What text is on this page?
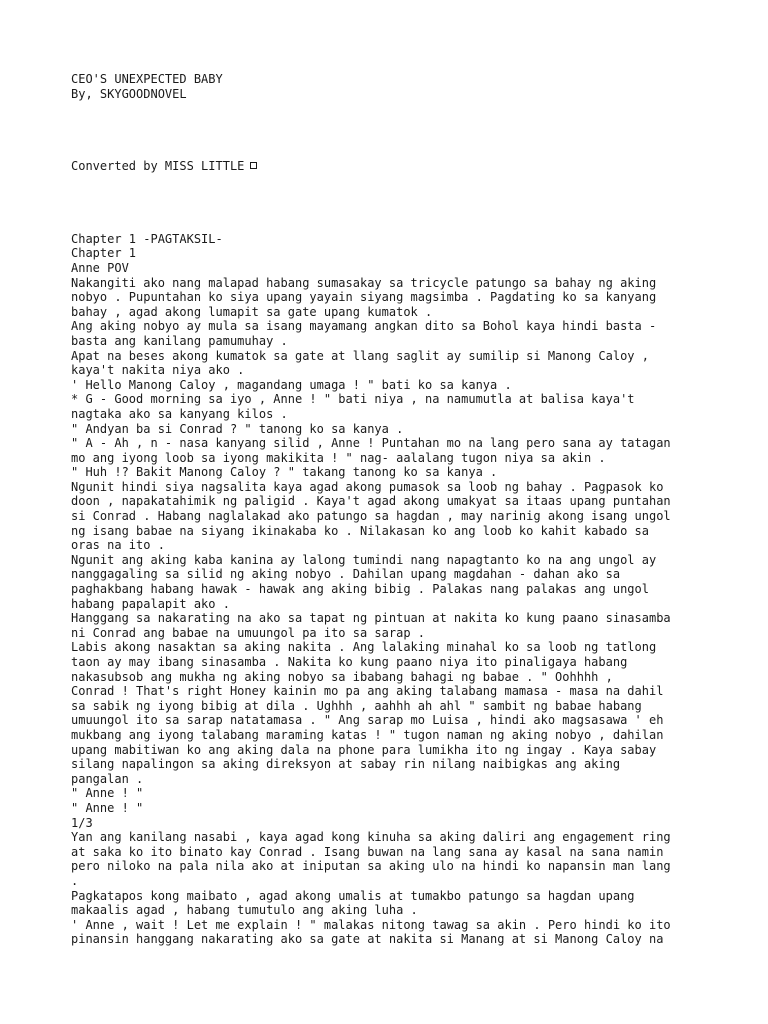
CEO'S UNEXPECTED BABY
By, SKYGOODNOVEL
Converted by MISS LITTLE
Chapter 1 -PAGTAKSIL-
Chapter 1
Anne POV
Nakangiti ako nang malapad habang sumasakay sa tricycle patungo sa bahay ng aking
nobyo . Pupuntahan ko siya upang yayain siyang magsimba . Pagdating ko sa kanyang
bahay , agad akong lumapit sa gate upang kumatok .
Ang aking nobyo ay mula sa isang mayamang angkan dito sa Bohol kaya hindi basta -
basta ang kanilang pamumuhay .
Apat na beses akong kumatok sa gate at llang saglit ay sumilip si Manong Caloy ,
kaya't nakita niya ako .
' Hello Manong Caloy , magandang umaga ! " bati ko sa kanya .
* G - Good morning sa iyo , Anne ! " bati niya , na namumutla at balisa kaya't
nagtaka ako sa kanyang kilos .
" Andyan ba si Conrad ? " tanong ko sa kanya .
" A - Ah , n - nasa kanyang silid , Anne ! Puntahan mo na lang pero sana ay tatagan
mo ang iyong loob sa iyong makikita ! " nag- aalalang tugon niya sa akin .
" Huh !? Bakit Manong Caloy ? " takang tanong ko sa kanya .
Ngunit hindi siya nagsalita kaya agad akong pumasok sa loob ng bahay . Pagpasok ko
doon , napakatahimik ng paligid . Kaya't agad akong umakyat sa itaas upang puntahan
si Conrad . Habang naglalakad ako patungo sa hagdan , may narinig akong isang ungol
ng isang babae na siyang ikinakaba ko . Nilakasan ko ang loob ko kahit kabado sa
oras na ito .
Ngunit ang aking kaba kanina ay lalong tumindi nang napagtanto ko na ang ungol ay
nanggagaling sa silid ng aking nobyo . Dahilan upang magdahan - dahan ako sa
paghakbang habang hawak - hawak ang aking bibig . Palakas nang palakas ang ungol
habang papalapit ako .
Hanggang sa nakarating na ako sa tapat ng pintuan at nakita ko kung paano sinasamba
ni Conrad ang babae na umuungol pa ito sa sarap .
Labis akong nasaktan sa aking nakita . Ang lalaking minahal ko sa loob ng tatlong
taon ay may ibang sinasamba . Nakita ko kung paano niya ito pinaligaya habang
nakasubsob ang mukha ng aking nobyo sa ibabang bahagi ng babae . " Oohhhh ,
Conrad ! That's right Honey kainin mo pa ang aking talabang mamasa - masa na dahil
sa sabik ng iyong bibig at dila . Ughhh , aahhh ah ahl " sambit ng babae habang
umuungol ito sa sarap natatamasa . " Ang sarap mo Luisa , hindi ako magsasawa ' eh
mukbang ang iyong talabang maraming katas ! " tugon naman ng aking nobyo , dahilan
upang mabitiwan ko ang aking dala na phone para lumikha ito ng ingay . Kaya sabay
silang napalingon sa aking direksyon at sabay rin nilang naibigkas ang aking
pangalan .
" Anne ! "
" Anne ! "
1/3
Yan ang kanilang nasabi , kaya agad kong kinuha sa aking daliri ang engagement ring
at saka ko ito binato kay Conrad . Isang buwan na lang sana ay kasal na sana namin
pero niloko na pala nila ako at iniputan sa aking ulo na hindi ko napansin man lang
.
Pagkatapos kong maibato , agad akong umalis at tumakbo patungo sa hagdan upang
makaalis agad , habang tumutulo ang aking luha .
' Anne , wait ! Let me explain ! " malakas nitong tawag sa akin . Pero hindi ko ito
pinansin hanggang nakarating ako sa gate at nakita si Manang at si Manong Caloy na
